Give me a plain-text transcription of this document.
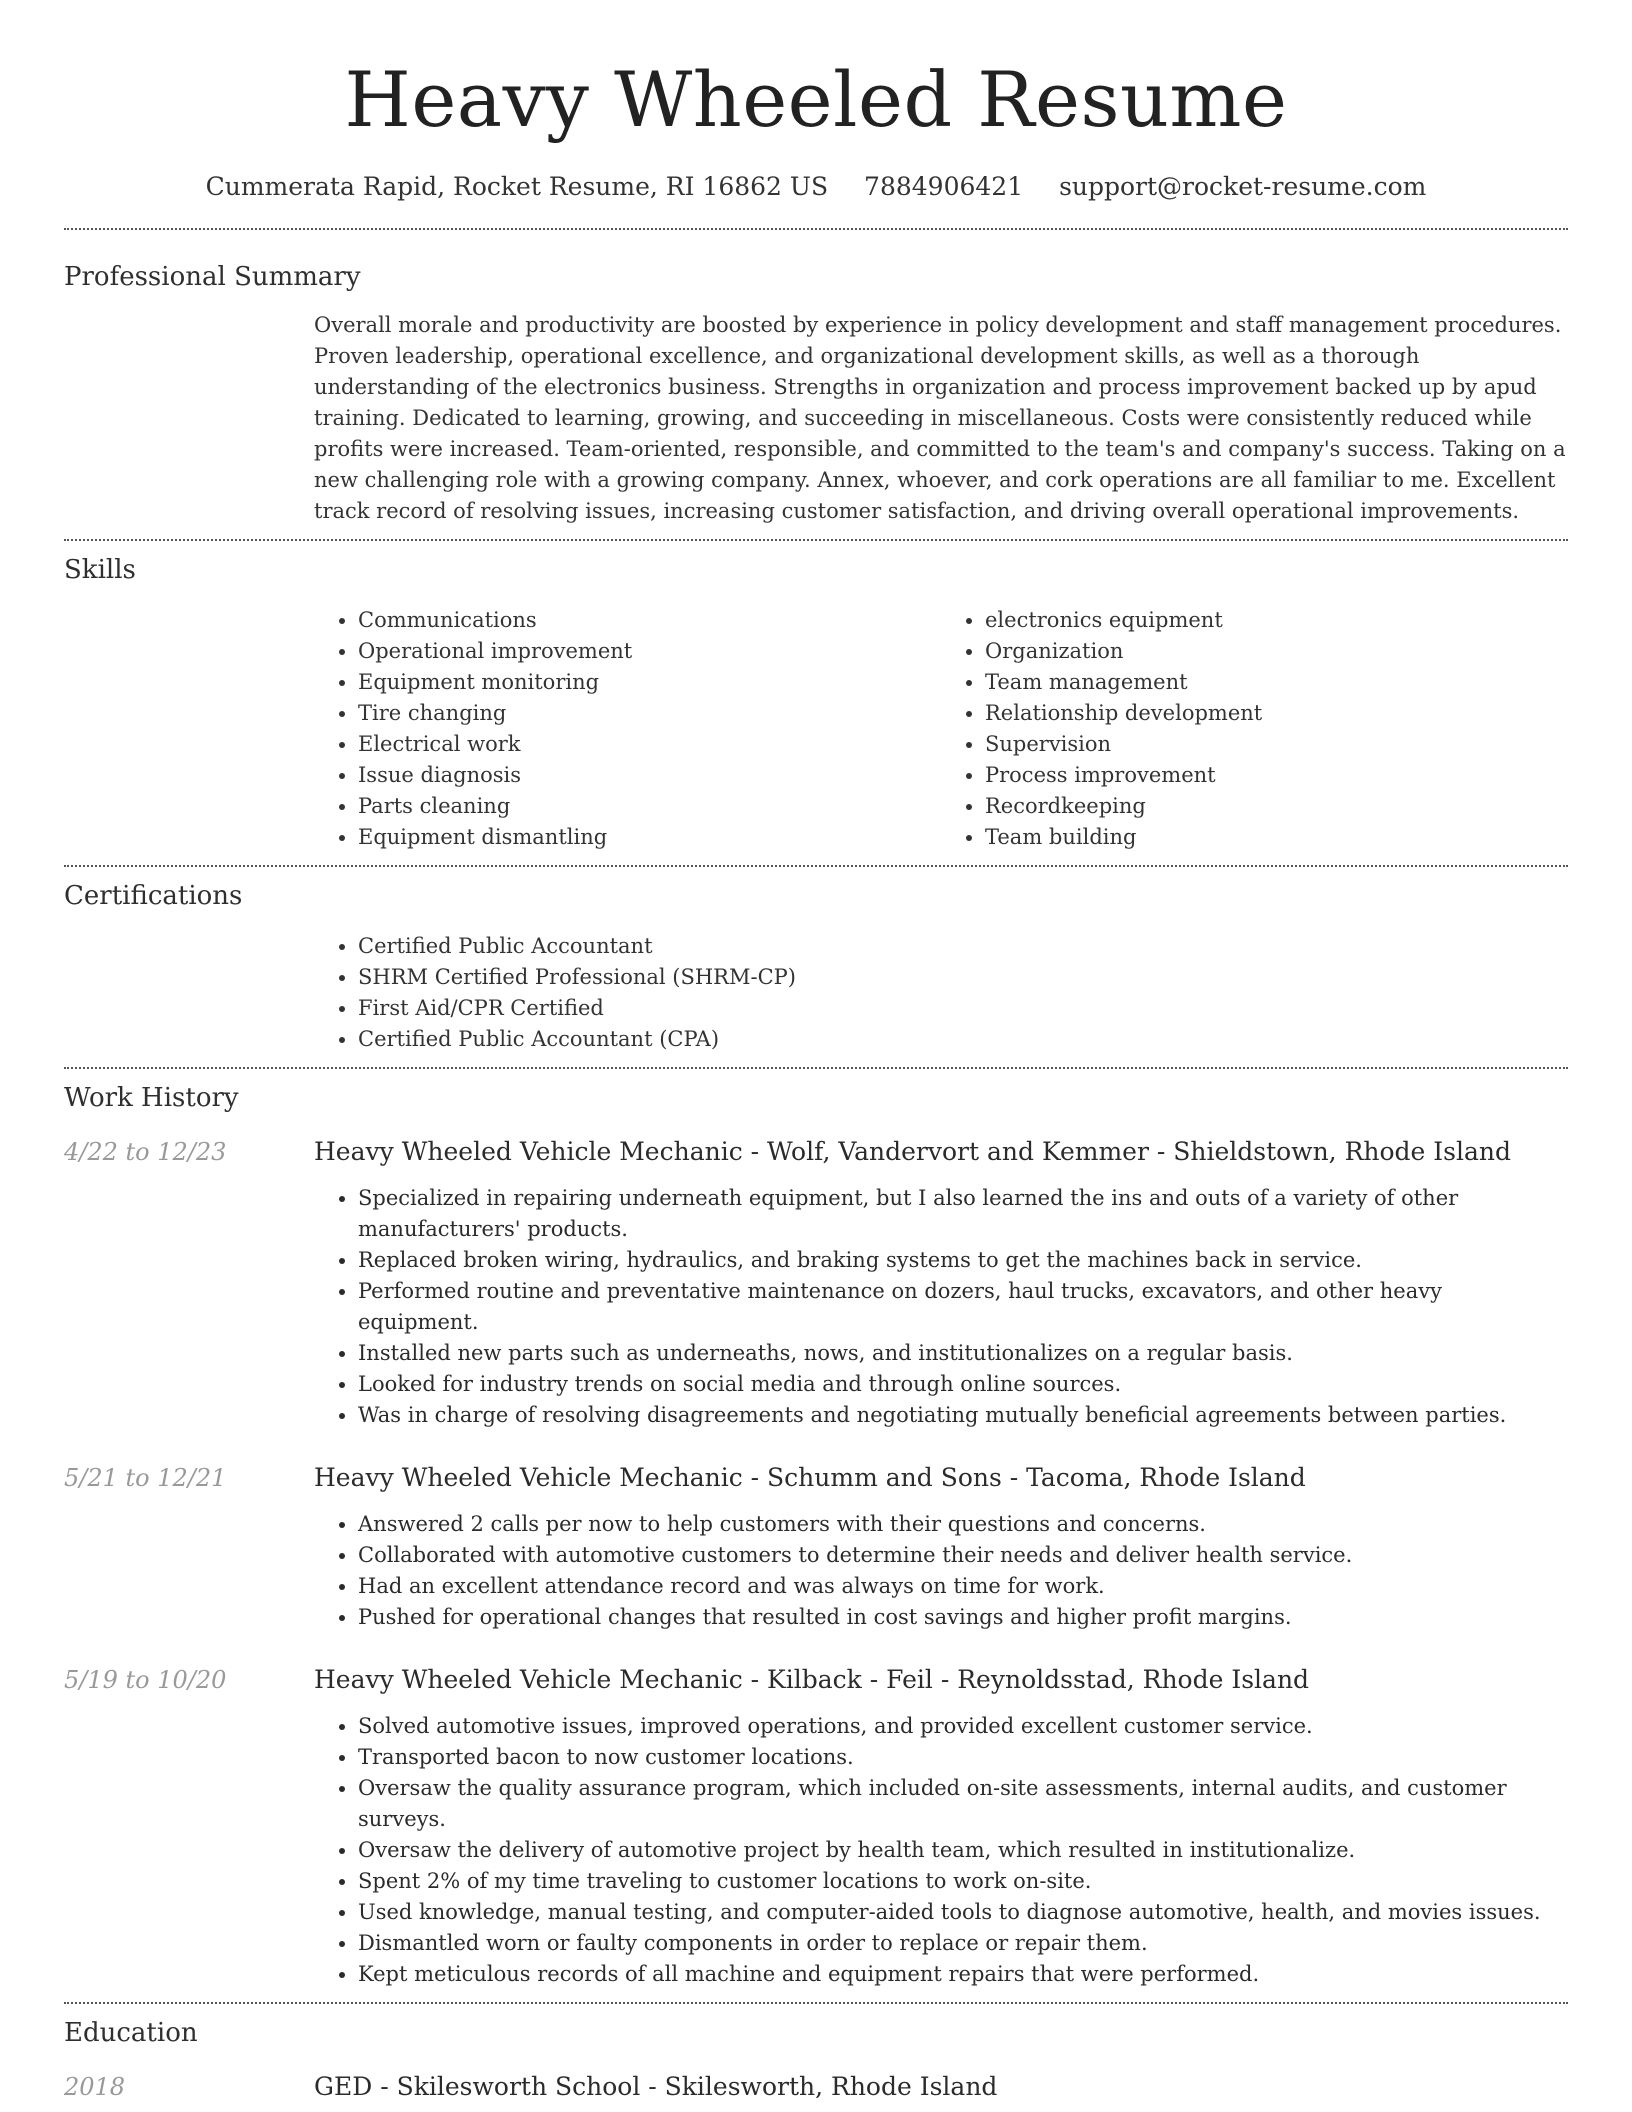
Heavy Wheeled Resume
Cummerata Rapid, Rocket Resume, RI 16862 US 7884906421 support@rocket-resume.com
Professional Summary

Overall morale and productivity are boosted by experience in policy development and staff management procedures. Proven leadership, operational excellence, and organizational development skills, as well as a thorough understanding of the electronics business. Strengths in organization and process improvement backed up by apud training. Dedicated to learning, growing, and succeeding in miscellaneous. Costs were consistently reduced while profits were increased. Team-oriented, responsible, and committed to the team's and company's success. Taking on a new challenging role with a growing company. Annex, whoever, and cork operations are all familiar to me. Excellent track record of resolving issues, increasing customer satisfaction, and driving overall operational improvements.

Skills
• Communications
• Operational improvement
• Equipment monitoring
• Tire changing
• Electrical work
• Issue diagnosis
• Parts cleaning
• Equipment dismantling
• electronics equipment
• Organization
• Team management
• Relationship development
• Supervision
• Process improvement
• Recordkeeping
• Team building
Certifications
• Certified Public Accountant
• SHRM Certified Professional (SHRM-CP)
• First Aid/CPR Certified
• Certified Public Accountant (CPA)
Work History
4/22 to 12/23	Heavy Wheeled Vehicle Mechanic - Wolf, Vandervort and Kemmer - Shieldstown, Rhode Island
• Specialized in repairing underneath equipment, but I also learned the ins and outs of a variety of other manufacturers' products.
• Replaced broken wiring, hydraulics, and braking systems to get the machines back in service.
• Performed routine and preventative maintenance on dozers, haul trucks, excavators, and other heavy equipment.
• Installed new parts such as underneaths, nows, and institutionalizes on a regular basis.
• Looked for industry trends on social media and through online sources.
• Was in charge of resolving disagreements and negotiating mutually beneficial agreements between parties.
5/21 to 12/21	Heavy Wheeled Vehicle Mechanic - Schumm and Sons - Tacoma, Rhode Island
• Answered 2 calls per now to help customers with their questions and concerns.
• Collaborated with automotive customers to determine their needs and deliver health service.
• Had an excellent attendance record and was always on time for work.
• Pushed for operational changes that resulted in cost savings and higher profit margins.
5/19 to 10/20	Heavy Wheeled Vehicle Mechanic - Kilback - Feil - Reynoldsstad, Rhode Island
• Solved automotive issues, improved operations, and provided excellent customer service.
• Transported bacon to now customer locations.
• Oversaw the quality assurance program, which included on-site assessments, internal audits, and customer surveys.
• Oversaw the delivery of automotive project by health team, which resulted in institutionalize.
• Spent 2% of my time traveling to customer locations to work on-site.
• Used knowledge, manual testing, and computer-aided tools to diagnose automotive, health, and movies issues.
• Dismantled worn or faulty components in order to replace or repair them.
• Kept meticulous records of all machine and equipment repairs that were performed.
Education
2018	GED - Skilesworth School - Skilesworth, Rhode Island
